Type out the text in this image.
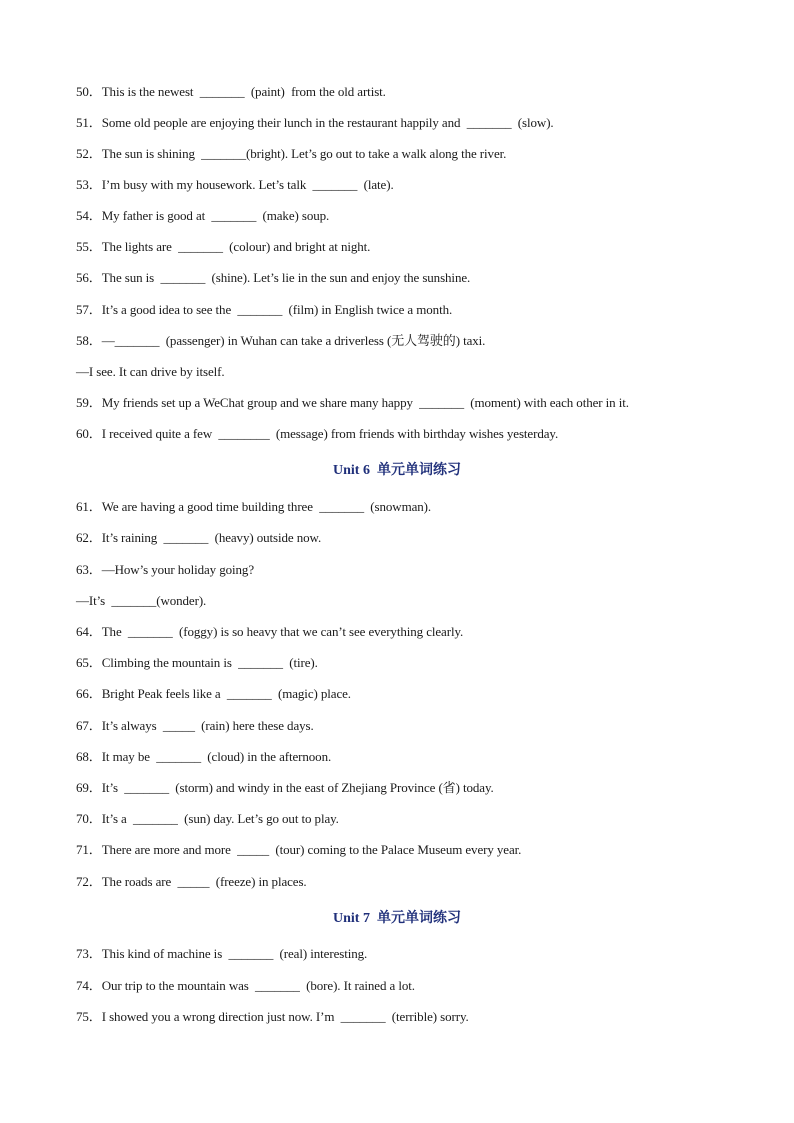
50．This is the newest  _______  (paint)  from the old artist.
51．Some old people are enjoying their lunch in the restaurant happily and  _______  (slow).
52．The sun is shining  _______(bright). Let’s go out to take a walk along the river.
53．I’m busy with my housework. Let’s talk  _______  (late).
54．My father is good at  _______  (make) soup.
55．The lights are  _______  (colour) and bright at night.
56．The sun is  _______  (shine). Let’s lie in the sun and enjoy the sunshine.
57．It’s a good idea to see the  _______  (film) in English twice a month.
58．—_______  (passenger) in Wuhan can take a driverless (无人驾驶的) taxi.
—I see. It can drive by itself.
59．My friends set up a WeChat group and we share many happy  _______  (moment) with each other in it.
60．I received quite a few  ________  (message) from friends with birthday wishes yesterday.
Unit 6  单元单词练习
61．We are having a good time building three  _______  (snowman).
62．It’s raining  _______  (heavy) outside now.
63．—How’s your holiday going?
—It’s  _______(wonder).
64．The  _______  (foggy) is so heavy that we can’t see everything clearly.
65．Climbing the mountain is  _______  (tire).
66．Bright Peak feels like a  _______  (magic) place.
67．It’s always  _____  (rain) here these days.
68．It may be  _______  (cloud) in the afternoon.
69．It’s  _______  (storm) and windy in the east of Zhejiang Province (省) today.
70．It’s a  _______  (sun) day. Let’s go out to play.
71．There are more and more  _____  (tour) coming to the Palace Museum every year.
72．The roads are  _____  (freeze) in places.
Unit 7  单元单词练习
73．This kind of machine is  _______  (real) interesting.
74．Our trip to the mountain was  _______  (bore). It rained a lot.
75．I showed you a wrong direction just now. I’m  _______  (terrible) sorry.
